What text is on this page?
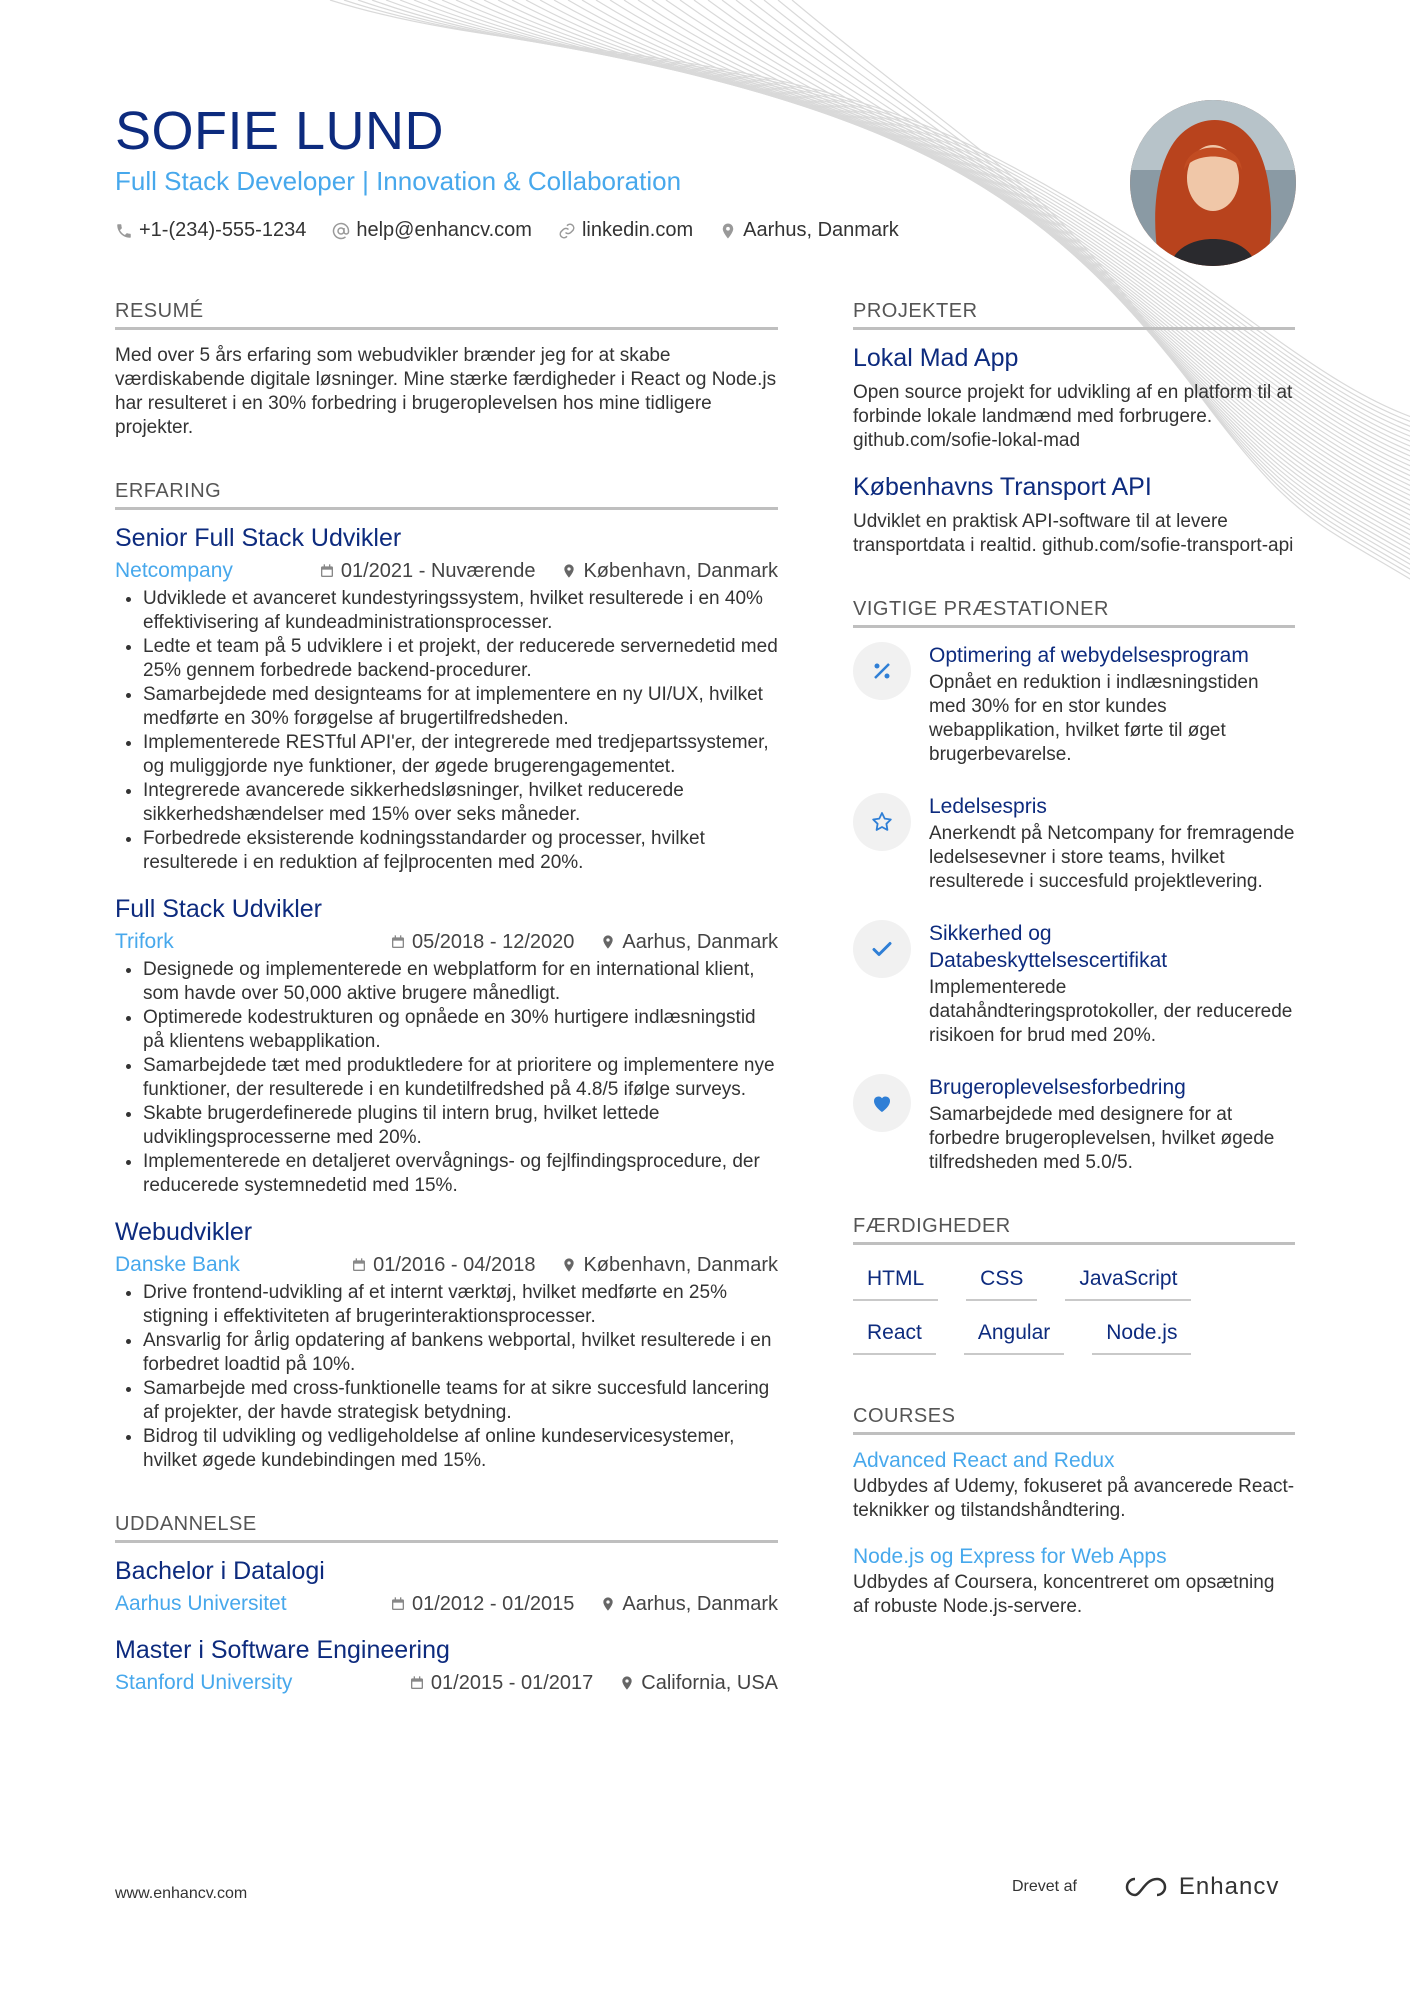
SOFIE LUND
Full Stack Developer | Innovation & Collaboration
+1-(234)-555-1234	help@enhancv.com	linkedin.com	Aarhus, Danmark
RESUMÉ
Med over 5 års erfaring som webudvikler brænder jeg for at skabe værdiskabende digitale løsninger. Mine stærke færdigheder i React og Node.js har resulteret i en 30% forbedring i brugeroplevelsen hos mine tidligere projekter.
ERFARING
Senior Full Stack Udvikler
Netcompany	01/2021 - Nuværende København, Danmark
• Udviklede et avanceret kundestyringssystem, hvilket resulterede i en 40% effektivisering af kundeadministrationsprocesser.
• Ledte et team på 5 udviklere i et projekt, der reducerede servernedetid med 25% gennem forbedrede backend-procedurer.
• Samarbejdede med designteams for at implementere en ny UI/UX, hvilket medførte en 30% forøgelse af brugertilfredsheden.
• Implementerede RESTful API'er, der integrerede med tredjepartssystemer, og muliggjorde nye funktioner, der øgede brugerengagementet.
• Integrerede avancerede sikkerhedsløsninger, hvilket reducerede sikkerhedshændelser med 15% over seks måneder.
• Forbedrede eksisterende kodningsstandarder og processer, hvilket resulterede i en reduktion af fejlprocenten med 20%.
Full Stack Udvikler
Trifork	05/2018 - 12/2020 Aarhus, Danmark
• Designede og implementerede en webplatform for en international klient, som havde over 50,000 aktive brugere månedligt.
• Optimerede kodestrukturen og opnåede en 30% hurtigere indlæsningstid på klientens webapplikation.
• Samarbejdede tæt med produktledere for at prioritere og implementere nye funktioner, der resulterede i en kundetilfredshed på 4.8/5 ifølge surveys.
• Skabte brugerdefinerede plugins til intern brug, hvilket lettede udviklingsprocesserne med 20%.
• Implementerede en detaljeret overvågnings- og fejlfindingsprocedure, der reducerede systemnedetid med 15%.
Webudvikler
Danske Bank	01/2016 - 04/2018 København, Danmark
• Drive frontend-udvikling af et internt værktøj, hvilket medførte en 25% stigning i effektiviteten af brugerinteraktionsprocesser.
• Ansvarlig for årlig opdatering af bankens webportal, hvilket resulterede i en forbedret loadtid på 10%.
• Samarbejde med cross-funktionelle teams for at sikre succesfuld lancering af projekter, der havde strategisk betydning.
• Bidrog til udvikling og vedligeholdelse af online kundeservicesystemer, hvilket øgede kundebindingen med 15%.
UDDANNELSE
Bachelor i Datalogi
Aarhus Universitet	01/2012 - 01/2015 Aarhus, Danmark
Master i Software Engineering
Stanford University	01/2015 - 01/2017 California, USA
PROJEKTER
Lokal Mad App
Open source projekt for udvikling af en platform til at forbinde lokale landmænd med forbrugere. github.com/sofie-lokal-mad
Københavns Transport API
Udviklet en praktisk API-software til at levere transportdata i realtid. github.com/sofie-transport-api
VIGTIGE PRÆSTATIONER
Optimering af webydelsesprogram
Opnået en reduktion i indlæsningstiden med 30% for en stor kundes webapplikation, hvilket førte til øget brugerbevarelse.
Ledelsespris
Anerkendt på Netcompany for fremragende ledelsesevner i store teams, hvilket resulterede i succesfuld projektlevering.
Sikkerhed og Databeskyttelsescertifikat
Implementerede datahåndteringsprotokoller, der reducerede risikoen for brud med 20%.
Brugeroplevelsesforbedring
Samarbejdede med designere for at forbedre brugeroplevelsen, hvilket øgede tilfredsheden med 5.0/5.
FÆRDIGHEDER
HTML	CSS	JavaScript
React	Angular	Node.js
COURSES
Advanced React and Redux
Udbydes af Udemy, fokuseret på avancerede React-teknikker og tilstandshåndtering.
Node.js og Express for Web Apps
Udbydes af Coursera, koncentreret om opsætning af robuste Node.js-servere.
www.enhancv.com	Drevet af	Enhancv
